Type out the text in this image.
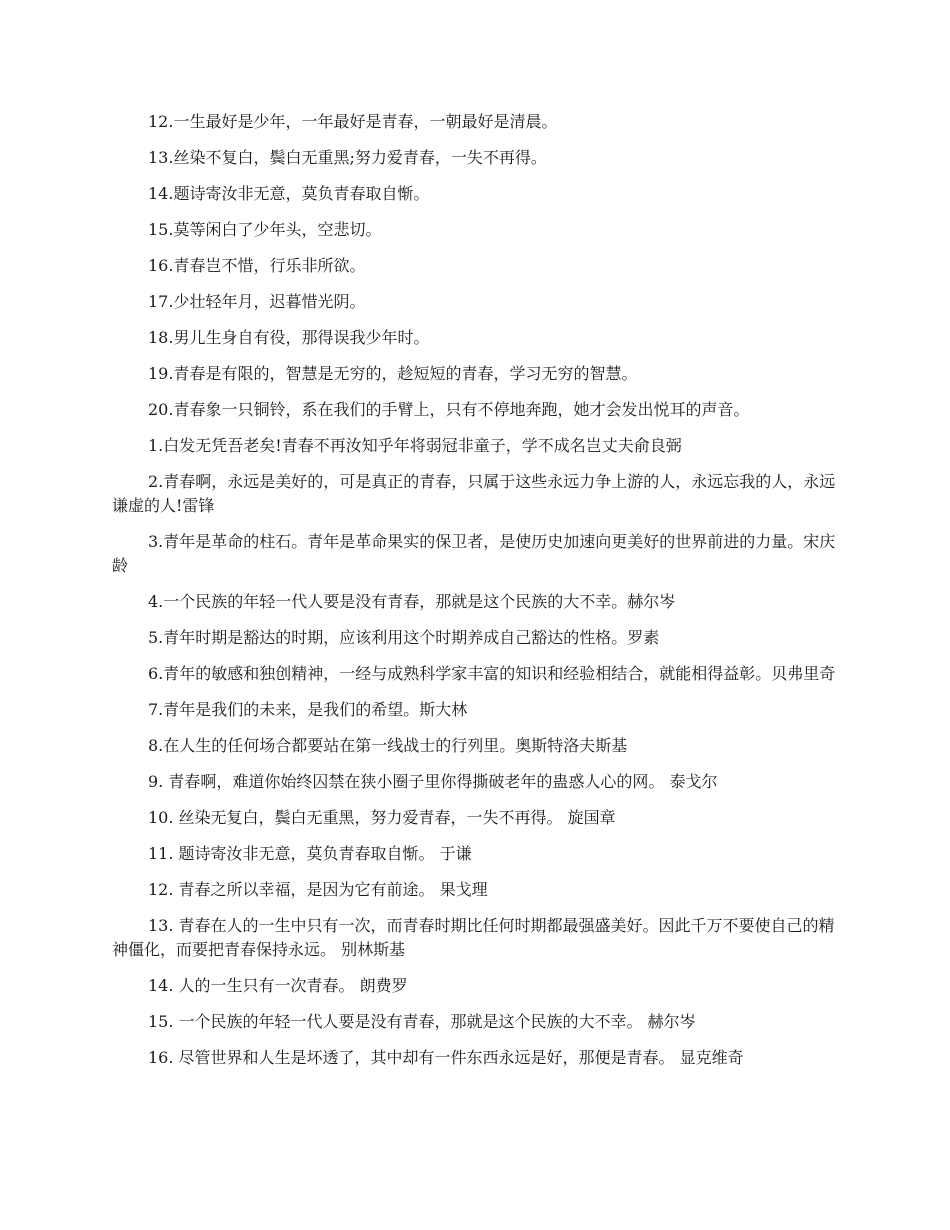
12.一生最好是少年，一年最好是青春，一朝最好是清晨。

13.丝染不复白，鬓白无重黑;努力爱青春，一失不再得。

14.题诗寄汝非无意，莫负青春取自惭。

15.莫等闲白了少年头，空悲切。

16.青春岂不惜，行乐非所欲。

17.少壮轻年月，迟暮惜光阴。

18.男儿生身自有役，那得误我少年时。

19.青春是有限的，智慧是无穷的，趁短短的青春，学习无穷的智慧。

20.青春象一只铜铃，系在我们的手臂上，只有不停地奔跑，她才会发出悦耳的声音。

1.白发无凭吾老矣!青春不再汝知乎年将弱冠非童子，学不成名岂丈夫俞良弼

2.青春啊，永远是美好的，可是真正的青春，只属于这些永远力争上游的人，永远忘我的人，永远谦虚的人!雷锋

3.青年是革命的柱石。青年是革命果实的保卫者，是使历史加速向更美好的世界前进的力量。宋庆龄

4.一个民族的年轻一代人要是没有青春，那就是这个民族的大不幸。赫尔岑

5.青年时期是豁达的时期，应该利用这个时期养成自己豁达的性格。罗素

6.青年的敏感和独创精神，一经与成熟科学家丰富的知识和经验相结合，就能相得益彰。贝弗里奇

7.青年是我们的未来，是我们的希望。斯大林

8.在人生的任何场合都要站在第一线战士的行列里。奥斯特洛夫斯基

9. 青春啊，难道你始终囚禁在狭小圈子里你得撕破老年的蛊惑人心的网。 泰戈尔

10. 丝染无复白，鬓白无重黑，努力爱青春，一失不再得。 旋国章

11. 题诗寄汝非无意，莫负青春取自惭。 于谦

12. 青春之所以幸福，是因为它有前途。 果戈理

13. 青春在人的一生中只有一次，而青春时期比任何时期都最强盛美好。因此千万不要使自己的精神僵化，而要把青春保持永远。 别林斯基

14. 人的一生只有一次青春。 朗费罗

15. 一个民族的年轻一代人要是没有青春，那就是这个民族的大不幸。 赫尔岑

16. 尽管世界和人生是坏透了，其中却有一件东西永远是好，那便是青春。 显克维奇
